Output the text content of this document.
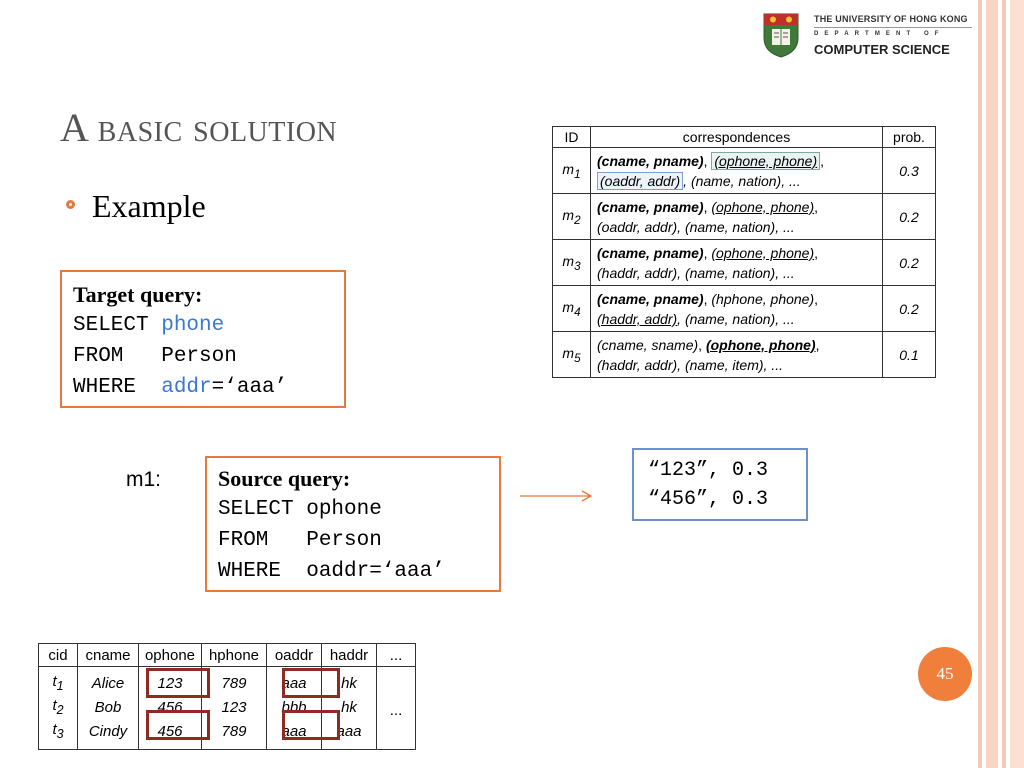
THE UNIVERSITY OF HONG KONG
DEPARTMENT OF
COMPUTER SCIENCE
A basic solution
Example
Target query:
SELECT phone
FROM   Person
WHERE  addr=‘aaa’
m1:	Source query:
SELECT ophone
FROM   Person
WHERE  oaddr=‘aaa’
“123”, 0.3
“456”, 0.3
ID	correspondences	prob.
$m_1$	(cname, pname), (ophone, phone) ,
(oaddr, addr) , (name, nation), ...	0.3
$m_2$	(cname, pname), (ophone, phone),
(oaddr, addr), (name, nation), ...	0.2
$m_3$	(cname, pname), (ophone, phone),
(haddr, addr), (name, nation), ...	0.2
$m_4$	(cname, pname), (hphone, phone),
(haddr, addr), (name, nation), ...	0.2
$m_5$	(cname, sname), (ophone, phone),
(haddr, addr), (name, item), ...	0.1
cid	cname	ophone	hphone	oaddr	haddr	...
$t_1$	Alice	123	789	aaa	hk	...
$t_2$	Bob	456	123	bbb	hk	
$t_3$	Cindy	456	789	aaa	aaa	
45
